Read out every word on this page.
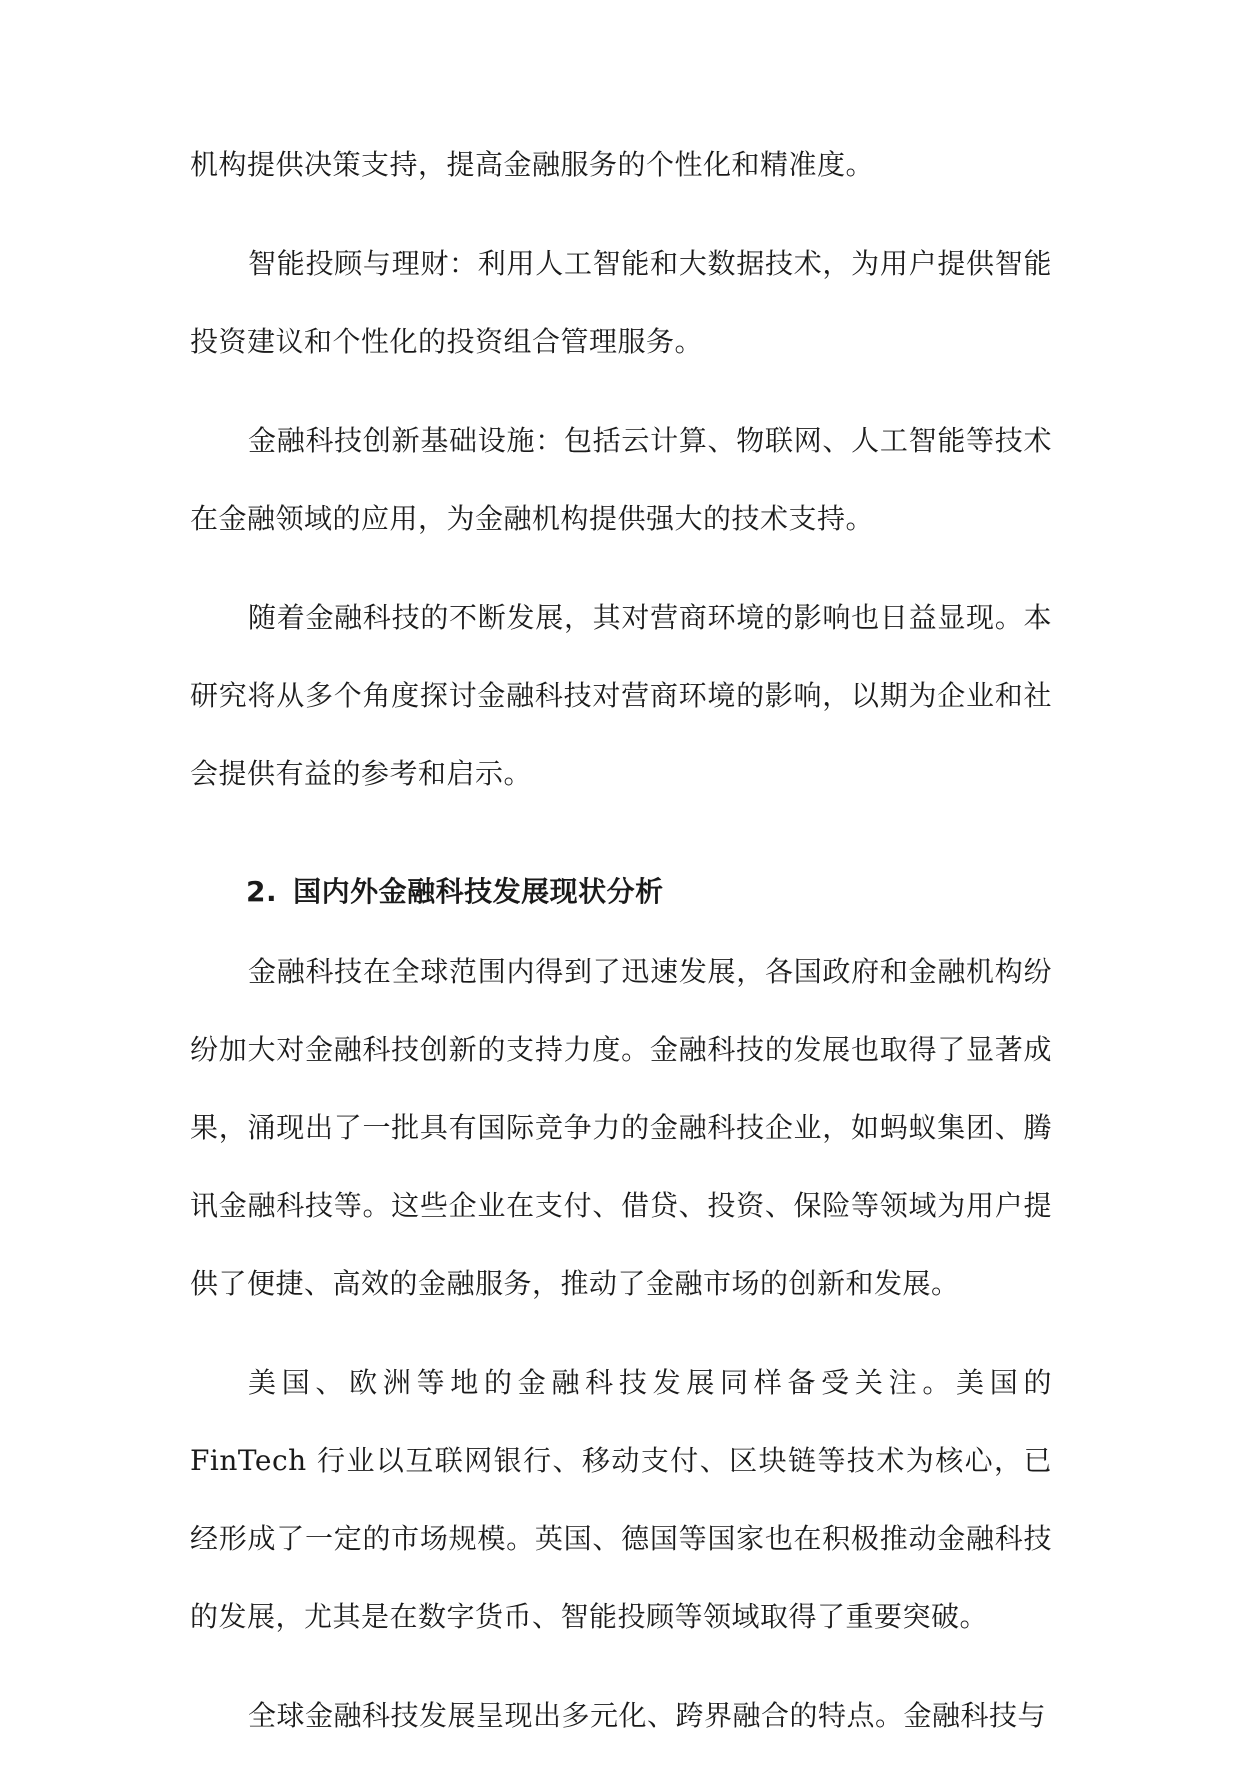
机构提供决策支持，提高金融服务的个性化和精准度。

智能投顾与理财：利用人工智能和大数据技术，为用户提供智能投资建议和个性化的投资组合管理服务。

金融科技创新基础设施：包括云计算、物联网、人工智能等技术在金融领域的应用，为金融机构提供强大的技术支持。

随着金融科技的不断发展，其对营商环境的影响也日益显现。本研究将从多个角度探讨金融科技对营商环境的影响，以期为企业和社会提供有益的参考和启示。

2. 国内外金融科技发展现状分析

金融科技在全球范围内得到了迅速发展，各国政府和金融机构纷纷加大对金融科技创新的支持力度。金融科技的发展也取得了显著成果，涌现出了一批具有国际竞争力的金融科技企业，如蚂蚁集团、腾讯金融科技等。这些企业在支付、借贷、投资、保险等领域为用户提供了便捷、高效的金融服务，推动了金融市场的创新和发展。

美国、欧洲等地的金融科技发展同样备受关注。美国的 FinTech 行业以互联网银行、移动支付、区块链等技术为核心，已经形成了一定的市场规模。英国、德国等国家也在积极推动金融科技的发展，尤其是在数字货币、智能投顾等领域取得了重要突破。

全球金融科技发展呈现出多元化、跨界融合的特点。金融科技与
